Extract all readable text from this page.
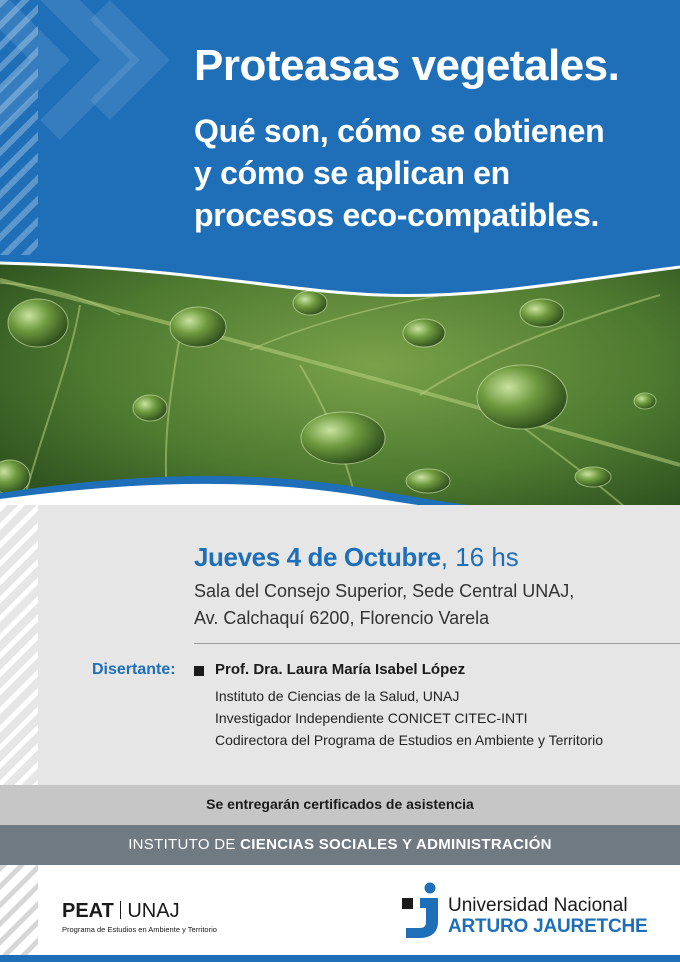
Proteasas vegetales.
Qué son, cómo se obtienen
y cómo se aplican en
procesos eco-compatibles.

Jueves 4 de Octubre, 16 hs

Sala del Consejo Superior, Sede Central UNAJ,
Av. Calchaquí 6200, Florencio Varela

Disertante:	Prof. Dra. Laura María Isabel López

Instituto de Ciencias de la Salud, UNAJ
Investigador Independiente CONICET CITEC-INTI
Codirectora del Programa de Estudios en Ambiente y Territorio

Se entregarán certificados de asistencia

INSTITUTO DE CIENCIAS SOCIALES Y ADMINISTRACIÓN

PEAT UNAJ

Programa de Estudios en Ambiente y Territorio

Universidad Nacional

ARTURO JAURETCHE
